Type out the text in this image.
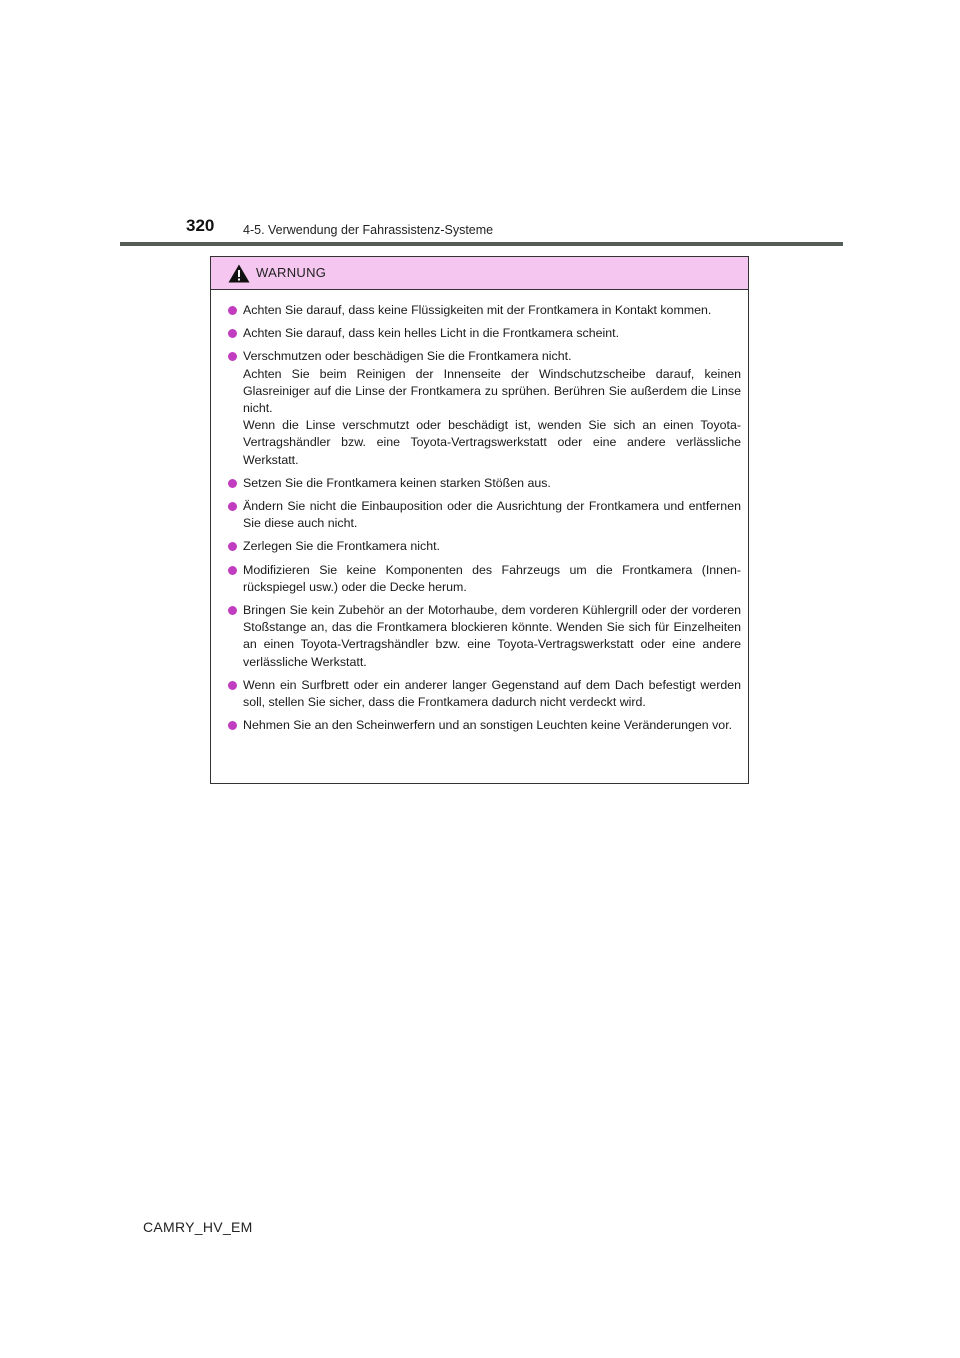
320 4-5. Verwendung der Fahrassistenz-Systeme
WARNUNG
Achten Sie darauf, dass keine Flüssigkeiten mit der Frontkamera in Kontakt kommen.
Achten Sie darauf, dass kein helles Licht in die Frontkamera scheint.
Verschmutzen oder beschädigen Sie die Frontkamera nicht.
Achten Sie beim Reinigen der Innenseite der Windschutzscheibe darauf, keinen Glasreiniger auf die Linse der Frontkamera zu sprühen. Berühren Sie außerdem die Linse nicht.
Wenn die Linse verschmutzt oder beschädigt ist, wenden Sie sich an einen Toyota-Vertragshändler bzw. eine Toyota-Vertragswerkstatt oder eine andere verlässliche Werkstatt.
Setzen Sie die Frontkamera keinen starken Stößen aus.
Ändern Sie nicht die Einbauposition oder die Ausrichtung der Frontkamera und entfernen Sie diese auch nicht.
Zerlegen Sie die Frontkamera nicht.
Modifizieren Sie keine Komponenten des Fahrzeugs um die Frontkamera (Innenrückspiegel usw.) oder die Decke herum.
Bringen Sie kein Zubehör an der Motorhaube, dem vorderen Kühlergrill oder der vorderen Stoßstange an, das die Frontkamera blockieren könnte. Wenden Sie sich für Einzelheiten an einen Toyota-Vertragshändler bzw. eine Toyota-Vertragswerkstatt oder eine andere verlässliche Werkstatt.
Wenn ein Surfbrett oder ein anderer langer Gegenstand auf dem Dach befestigt werden soll, stellen Sie sicher, dass die Frontkamera dadurch nicht verdeckt wird.
Nehmen Sie an den Scheinwerfern und an sonstigen Leuchten keine Veränderungen vor.
CAMRY_HV_EM
